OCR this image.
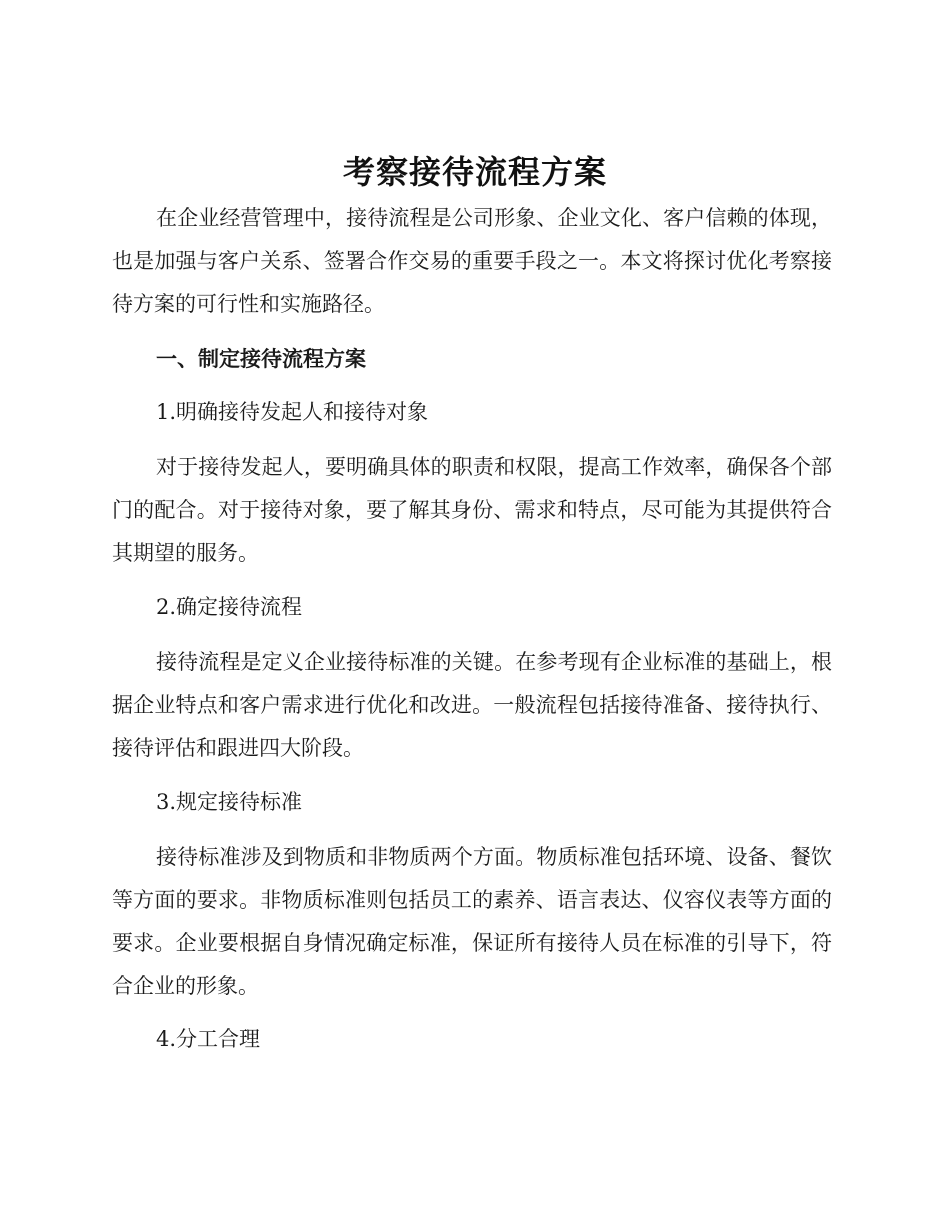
考察接待流程方案

在企业经营管理中，接待流程是公司形象、企业文化、客户信赖的体现，也是加强与客户关系、签署合作交易的重要手段之一。本文将探讨优化考察接待方案的可行性和实施路径。

一、制定接待流程方案

1.明确接待发起人和接待对象

对于接待发起人，要明确具体的职责和权限，提高工作效率，确保各个部门的配合。对于接待对象，要了解其身份、需求和特点，尽可能为其提供符合其期望的服务。

2.确定接待流程

接待流程是定义企业接待标准的关键。在参考现有企业标准的基础上，根据企业特点和客户需求进行优化和改进。一般流程包括接待准备、接待执行、接待评估和跟进四大阶段。

3.规定接待标准

接待标准涉及到物质和非物质两个方面。物质标准包括环境、设备、餐饮等方面的要求。非物质标准则包括员工的素养、语言表达、仪容仪表等方面的要求。企业要根据自身情况确定标准，保证所有接待人员在标准的引导下，符合企业的形象。

4.分工合理
